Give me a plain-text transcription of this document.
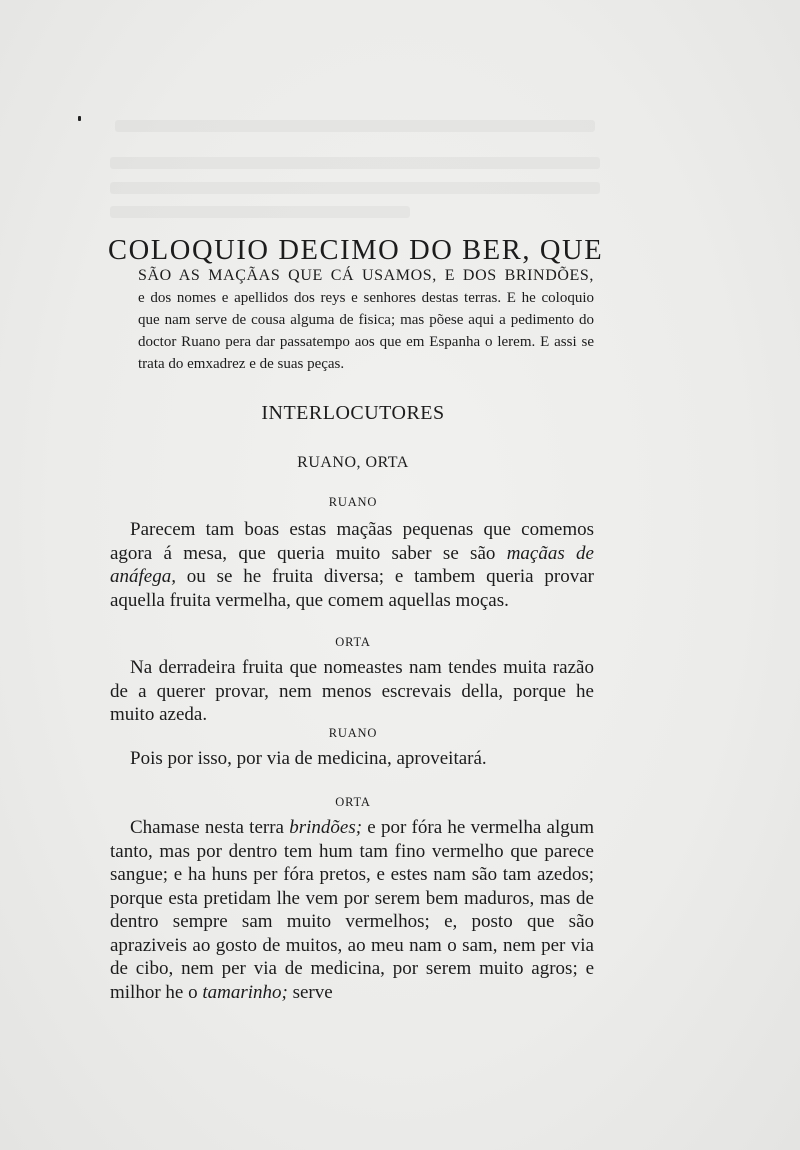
COLOQUIO DECIMO DO BER, QUE
SÃO AS MAÇÃAS QUE CÁ USAMOS, E DOS BRINDÕES,
e dos nomes e apellidos dos reys e senhores destas terras. E he coloquio que nam serve de cousa alguma de fisica; mas põese aqui a pedimento do doctor Ruano pera dar passatempo aos que em Espanha o lerem. E assi se trata do emxadrez e de suas peças.
INTERLOCUTORES
RUANO, ORTA
RUANO
Parecem tam boas estas maçãas pequenas que comemos agora á mesa, que queria muito saber se são maçãas de anáfega, ou se he fruita diversa; e tambem queria provar aquella fruita vermelha, que comem aquellas moças.
ORTA
Na derradeira fruita que nomeastes nam tendes muita razão de a querer provar, nem menos escrevais della, porque he muito azeda.
RUANO
Pois por isso, por via de medicina, aproveitará.
ORTA
Chamase nesta terra brindões; e por fóra he vermelha algum tanto, mas por dentro tem hum tam fino vermelho que parece sangue; e ha huns per fóra pretos, e estes nam são tam azedos; porque esta pretidam lhe vem por serem bem maduros, mas de dentro sempre sam muito vermelhos; e, posto que são apraziveis ao gosto de muitos, ao meu nam o sam, nem per via de cibo, nem per via de medicina, por serem muito agros; e milhor he o tamarinho; serve
